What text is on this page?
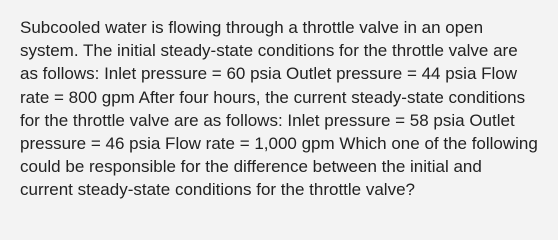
Subcooled water is flowing through a throttle valve in an open system. The initial steady-state conditions for the throttle valve are as follows: Inlet pressure = 60 psia Outlet pressure = 44 psia Flow rate = 800 gpm After four hours, the current steady-state conditions for the throttle valve are as follows: Inlet pressure = 58 psia Outlet pressure = 46 psia Flow rate = 1,000 gpm Which one of the following could be responsible for the difference between the initial and current steady-state conditions for the throttle valve?
